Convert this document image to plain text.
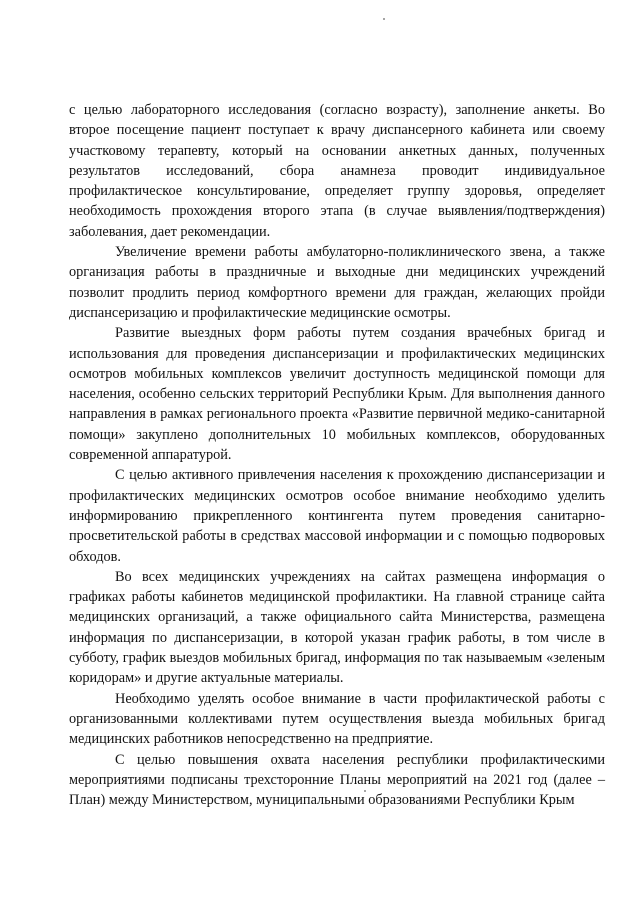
с целью лабораторного исследования (согласно возрасту), заполнение анкеты. Во второе посещение пациент поступает к врачу диспансерного кабинета или своему участковому терапевту, который на основании анкетных данных, полученных результатов исследований, сбора анамнеза проводит индивидуальное профилактическое консультирование, определяет группу здоровья, определяет необходимость прохождения второго этапа (в случае выявления/подтверждения) заболевания, дает рекомендации.

Увеличение времени работы амбулаторно-поликлинического звена, а также организация работы в праздничные и выходные дни медицинских учреждений позволит продлить период комфортного времени для граждан, желающих пройди диспансеризацию и профилактические медицинские осмотры.

Развитие выездных форм работы путем создания врачебных бригад и использования для проведения диспансеризации и профилактических медицинских осмотров мобильных комплексов увеличит доступность медицинской помощи для населения, особенно сельских территорий Республики Крым. Для выполнения данного направления в рамках регионального проекта «Развитие первичной медико-санитарной помощи» закуплено дополнительных 10 мобильных комплексов, оборудованных современной аппаратурой.

С целью активного привлечения населения к прохождению диспансеризации и профилактических медицинских осмотров особое внимание необходимо уделить информированию прикрепленного контингента путем проведения санитарно-просветительской работы в средствах массовой информации и с помощью подворовых обходов.

Во всех медицинских учреждениях на сайтах размещена информация о графиках работы кабинетов медицинской профилактики. На главной странице сайта медицинских организаций, а также официального сайта Министерства, размещена информация по диспансеризации, в которой указан график работы, в том числе в субботу, график выездов мобильных бригад, информация по так называемым «зеленым коридорам» и другие актуальные материалы.

Необходимо уделять особое внимание в части профилактической работы с организованными коллективами путем осуществления выезда мобильных бригад медицинских работников непосредственно на предприятие.

С целью повышения охвата населения республики профилактическими мероприятиями подписаны трехсторонние Планы мероприятий на 2021 год (далее – План) между Министерством, муниципальными образованиями Республики Крым
